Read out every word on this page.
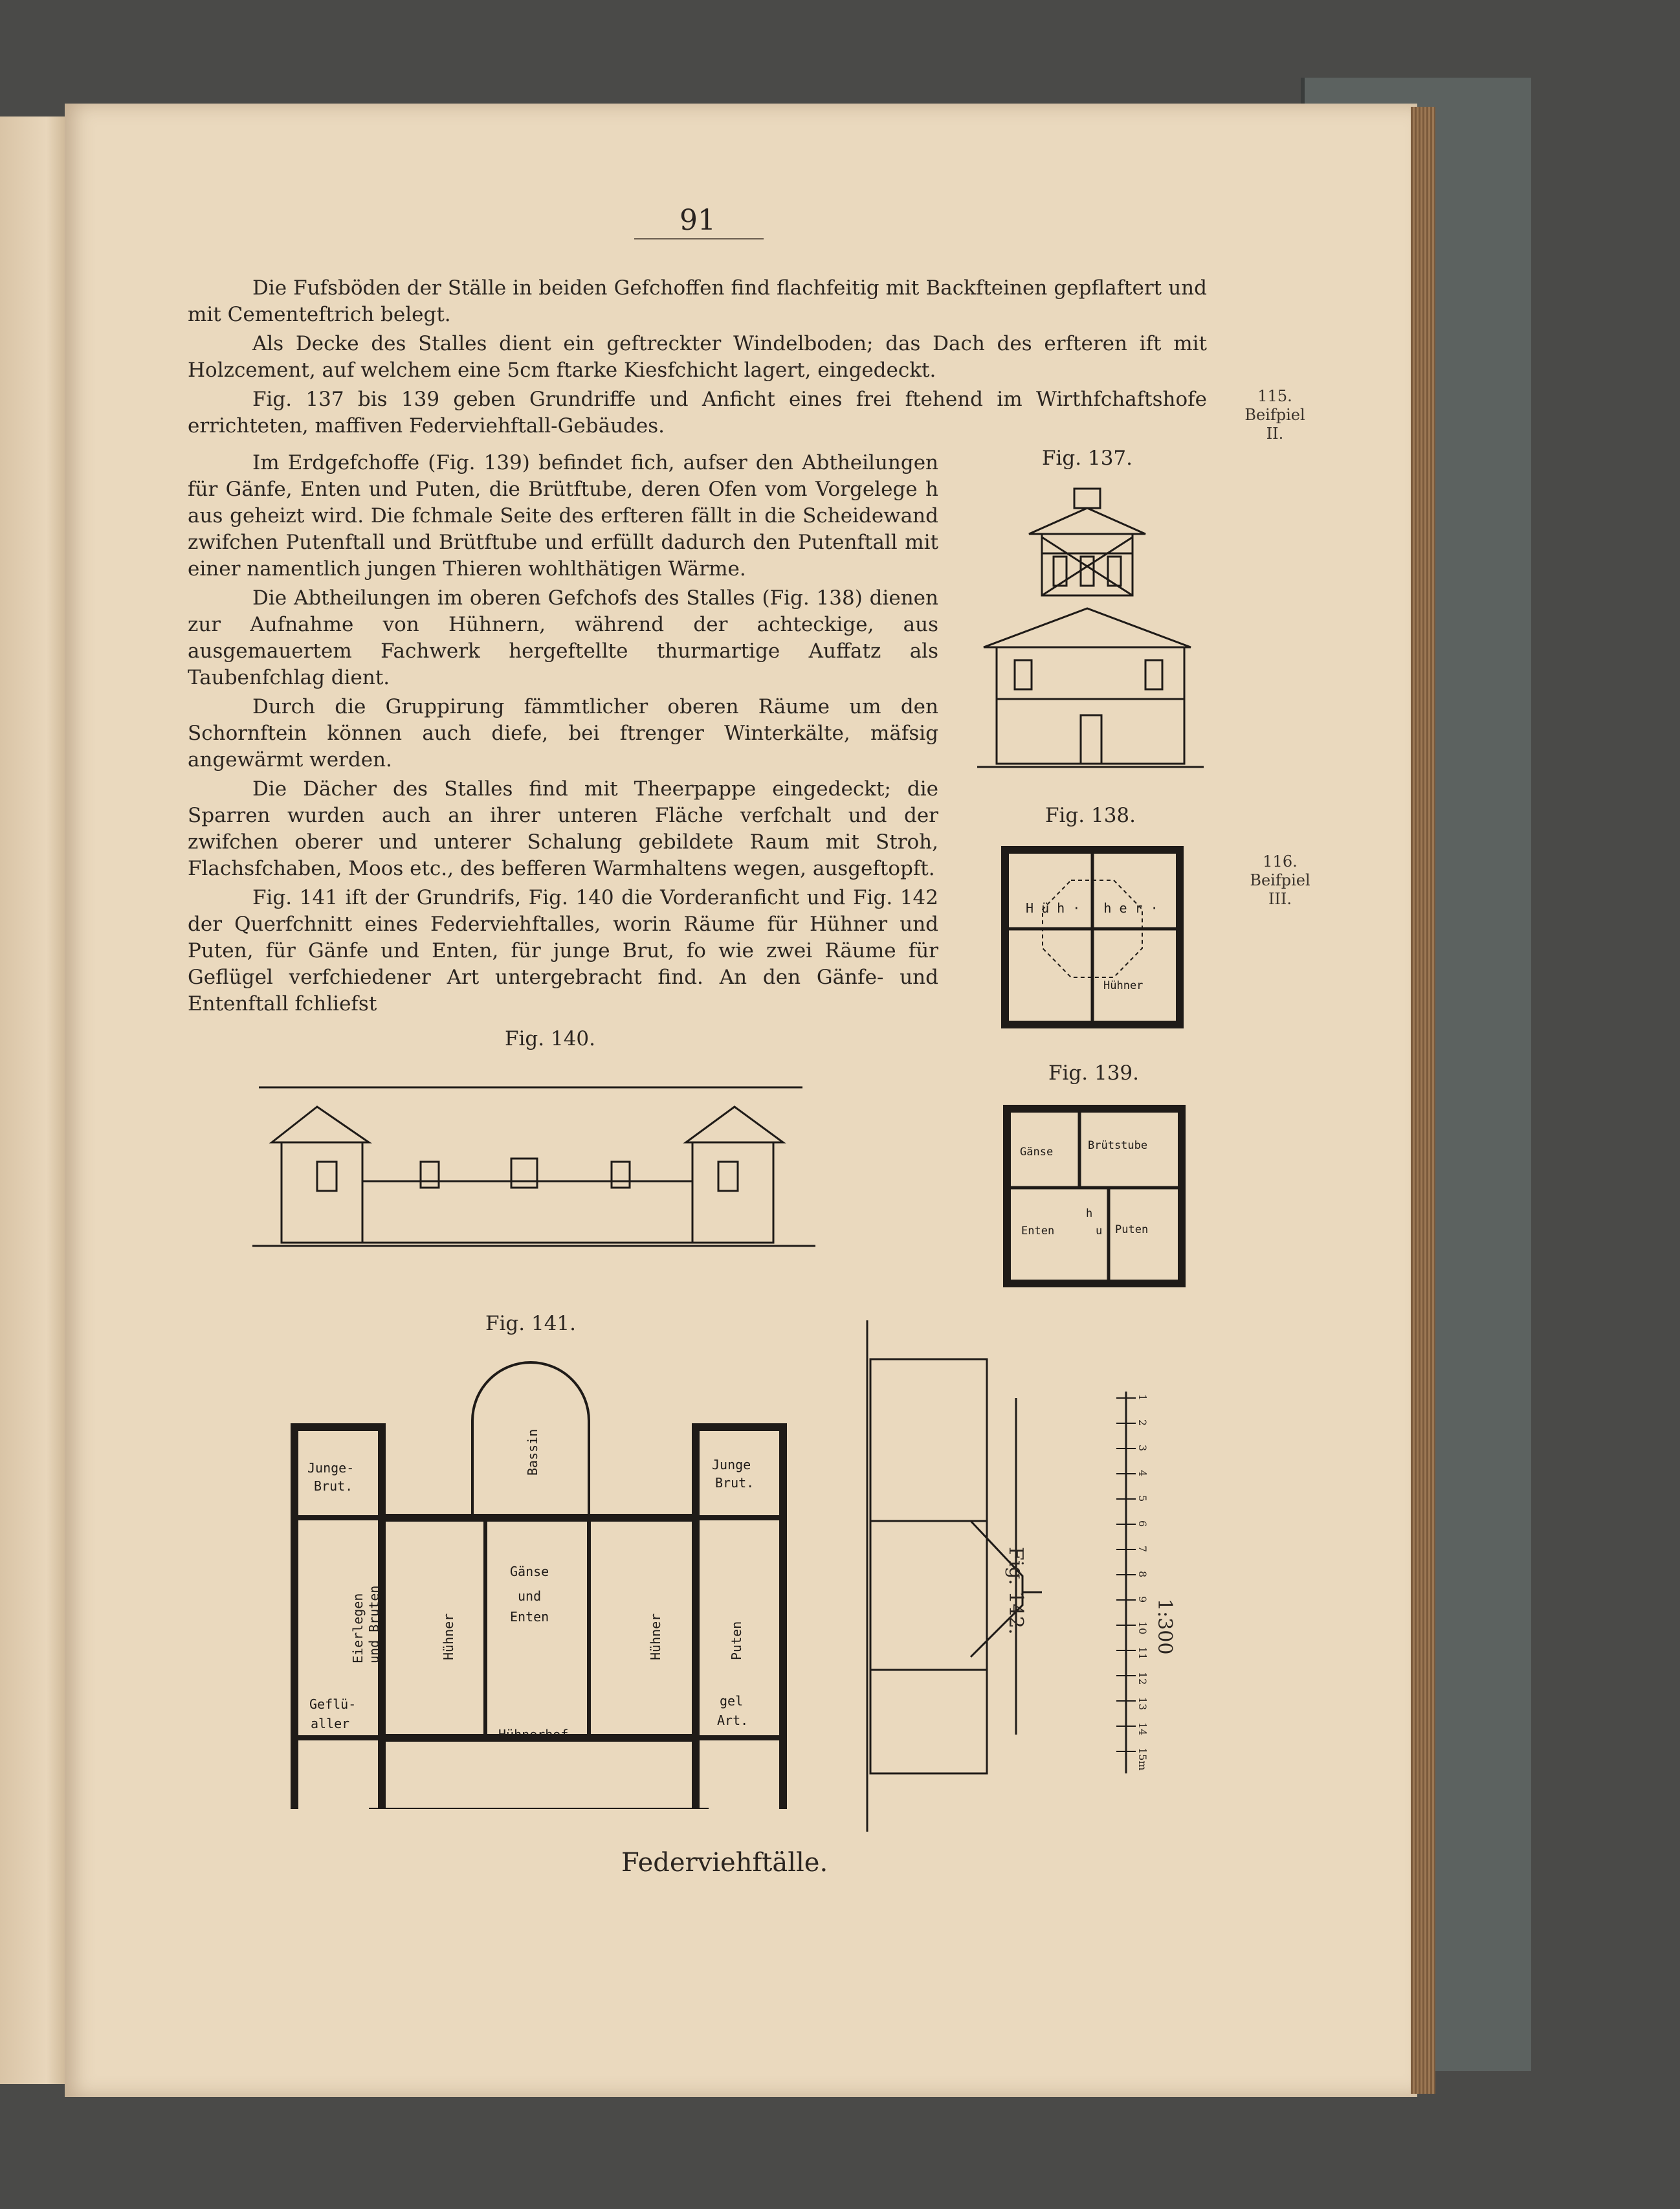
91

Die Fufsböden der Ställe in beiden Gefchoffen find flachfeitig mit Backfteinen gepflaftert und mit Cementeftrich belegt.

Als Decke des Stalles dient ein geftreckter Windelboden; das Dach des erfteren ift mit Holzcement, auf welchem eine 5cm ftarke Kiesfchicht lagert, eingedeckt.

Fig. 137 bis 139 geben Grundriffe und Anficht eines frei ftehend im Wirthfchaftshofe errichteten, maffiven Federviehftall-Gebäudes.

Im Erdgefchoffe (Fig. 139) befindet fich, aufser den Abtheilungen für Gänfe, Enten und Puten, die Brütftube, deren Ofen vom Vorgelege h aus geheizt wird. Die fchmale Seite des erfteren fällt in die Scheidewand zwifchen Putenftall und Brütftube und erfüllt dadurch den Putenftall mit einer namentlich jungen Thieren wohlthätigen Wärme.

Die Abtheilungen im oberen Gefchofs des Stalles (Fig. 138) dienen zur Aufnahme von Hühnern, während der achteckige, aus ausgemauertem Fachwerk hergeftellte thurmartige Auffatz als Taubenfchlag dient.

Durch die Gruppirung fämmtlicher oberen Räume um den Schornftein können auch diefe, bei ftrenger Winterkälte, mäfsig angewärmt werden.

Die Dächer des Stalles find mit Theerpappe eingedeckt; die Sparren wurden auch an ihrer unteren Fläche verfchalt und der zwifchen oberer und unterer Schalung gebildete Raum mit Stroh, Flachsfchaben, Moos etc., des befferen Warmhaltens wegen, ausgeftopft.

Fig. 141 ift der Grundrifs, Fig. 140 die Vorderanficht und Fig. 142 der Querfchnitt eines Federviehftalles, worin Räume für Hühner und Puten, für Gänfe und Enten, für junge Brut, fo wie zwei Räume für Geflügel verfchiedener Art untergebracht find. An den Gänfe- und Entenftall fchliefst

115.
Beifpiel
II.
116.
Beifpiel
III.
Fig. 137.
Fig. 138.
Fig. 139.
Fig. 140.
Fig. 141.
H ü h · · h e r ·
Hühner
Gänse	Brütstube
h
Enten	u Puten
Junge-
Brut.
Junge
Brut.
Bassin
Eierlegen und Bruten	Hühner
Gänse
und
Enten	Hühner	Puten
Geflü-
aller
gel
Art.
Hühnerhof
Fig. 142.	1:300
1
2
3
4
5
6
7
8
9
10
11
12
13
14
15m
Federviehftälle.
